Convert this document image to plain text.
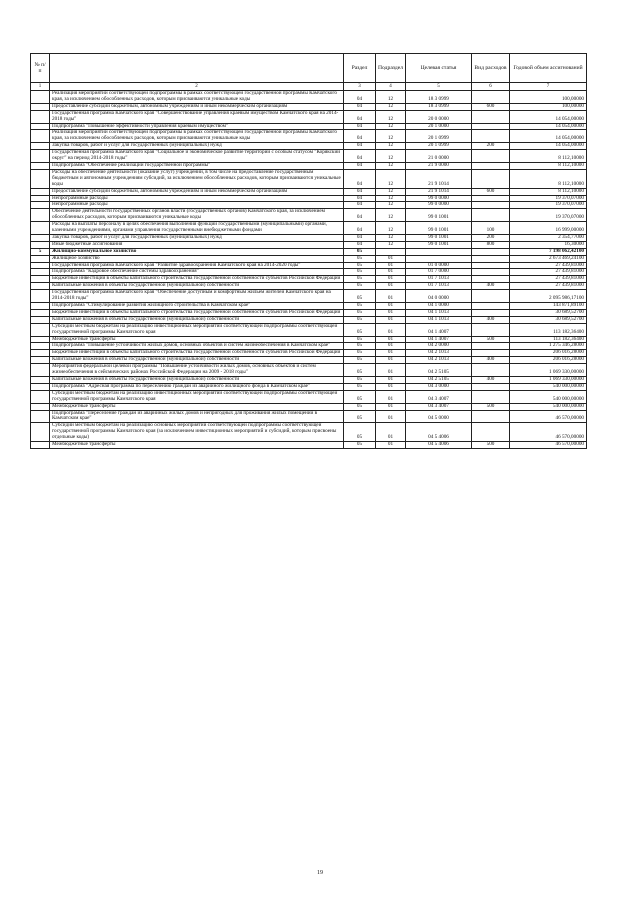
№ п/п		Раздел	Подраздел	Целевая статья	Вид расходов	Годовой объем ассигнований
1	2	3	4	5	6	7
	Реализация мероприятий соответствующей подпрограммы в рамках соответствующей государственной программы Камчатского края, за исключением обособленных расходов, которым присваиваются уникальные коды	04	12	18 3 0999		100,00000
	Предоставление субсидий бюджетным, автономным учреждениям и иным некоммерческим организациям	04	12	18 3 0999	600	100,00000
	Государственная программа Камчатского края "Совершенствование управления краевым имуществом Камчатского края на 2014-2018 годы"	04	12	20 0 0000		14 054,00000
	Подпрограмма "Повышение эффективности управления краевым имуществом"	04	12	20 1 0000		14 054,00000
	Реализация мероприятий соответствующей подпрограммы в рамках соответствующей государственной программы Камчатского края, за исключением обособленных расходов, которым присваиваются уникальные коды	04	12	20 1 0999		14 054,00000
	Закупка товаров, работ и услуг для государственных (муниципальных) нужд	04	12	20 1 0999	200	14 054,00000
	Государственная программа Камчатского края "Социальное и экономическое развитие территории с особым статусом "Корякский округ" на период 2014-2018 годы"	04	12	21 0 0000		8 112,10000
	Подпрограмма "Обеспечение реализации государственной программы"	04	12	21 9 0000		8 112,10000
	Расходы на обеспечение деятельности (оказание услуг) учреждений, в том числе на предоставление государственным бюджетным и автономным учреждениям субсидий, за исключением обособленных расходов, которым присваиваются уникальные коды	04	12	21 9 1014		8 112,10000
	Предоставление субсидий бюджетным, автономным учреждениям и иным некоммерческим организациям	04	12	21 9 1014	600	8 112,10000
	Непрограммные расходы	04	12	99 0 0000		19 370,07000
	Непрограммные расходы	04	12	99 0 0000		19 370,07000
	Обеспечение деятельности государственных органов власти (государственных органов) Камчатского края, за исключением обособленных расходов, которым присваиваются уникальные коды	04	12	99 0 1001		19 370,07000
	Расходы на выплаты персоналу в целях обеспечения выполнения функций государственными (муниципальными) органами, казенными учреждениями, органами управления государственными внебюджетными фондами	04	12	99 0 1001	100	16 999,00000
	Закупка товаров, работ и услуг для государственных (муниципальных) нужд	04	12	99 0 1001	200	2 354,77000
	Иные бюджетные ассигнования	04	12	99 0 1001	800	16,30000
5	Жилищно-коммунальное хозяйство	05				7 198 062,42100
	Жилищное хозяйство	05	01			2 673 469,24100
	Государственная программа Камчатского края "Развитие здравоохранения Камчатского края на 2014-2020 годы"	05	01	01 0 0000		27 439,81000
	Подпрограмма "Кадровое обеспечение системы здравоохранения"	05	01	01 7 0000		27 439,81000
	Бюджетные инвестиции в объекты капитального строительства государственной собственности субъектов Российской Федерации	05	01	01 7 1013		27 439,81000
	Капитальные вложения в объекты государственной (муниципальной) собственности	05	01	01 7 1013	400	27 439,81000
	Государственная программа Камчатского края "Обеспечение доступным и комфортным жильем жителей Камчатского края на 2014-2018 годы"	05	01	04 0 0000		2 095 986,17100
	Подпрограмма "Стимулирование развития жилищного строительства в Камчатском крае"	05	01	04 1 0000		143 871,89100
	Бюджетные инвестиции в объекты капитального строительства государственной собственности субъектов Российской Федерации	05	01	04 1 1013		30 689,52700
	Капитальные вложения в объекты государственной (муниципальной) собственности	05	01	04 1 1013	400	30 689,52700
	Субсидии местным бюджетам на реализацию инвестиционных мероприятий соответствующей подпрограммы соответствующей государственной программы Камчатского края	05	01	04 1 4007		113 182,36400
	Межбюджетные трансферты	05	01	04 1 4007	500	113 182,36400
	Подпрограмма "Повышение устойчивости жилых домов, основных объектов и систем жизнеобеспечения в Камчатском крае"	05	01	04 2 0000		1 275 346,28000
	Бюджетные инвестиции в объекты капитального строительства государственной собственности субъектов Российской Федерации	05	01	04 2 1013		206 016,28000
	Капитальные вложения в объекты государственной (муниципальной) собственности	05	01	04 2 1013	400	206 016,28000
	Мероприятия федеральной целевой программы "Повышение устойчивости жилых домов, основных объектов и систем жизнеобеспечения в сейсмических районах Российской Федерации на 2009 - 2018 годы"	05	01	04 2 5105		1 069 330,00000
	Капитальные вложения в объекты государственной (муниципальной) собственности	05	01	04 2 5105	400	1 069 330,00000
	Подпрограмма "Адресная программа по переселению граждан из аварийного жилищного фонда в Камчатском крае"	05	01	04 3 0000		540 000,00000
	Субсидии местным бюджетам на реализацию инвестиционных мероприятий соответствующей подпрограммы соответствующей государственной программы Камчатского края	05	01	04 3 4007		540 000,00000
	Межбюджетные трансферты	05	01	04 3 4007	500	540 000,00000
	Подпрограмма "Переселение граждан из аварийных жилых домов и непригодных для проживания жилых помещений в Камчатском крае"	05	01	04 5 0000		46 570,00000
	Субсидии местным бюджетам на реализацию основных мероприятий соответствующей подпрограммы соответствующей государственной программы Камчатского края (за исключением инвестиционных мероприятий и субсидий, которым присвоены отдельные коды)	05	01	04 5 4006		46 570,00000
	Межбюджетные трансферты	05	01	04 5 4006	500	46 570,00000
19
